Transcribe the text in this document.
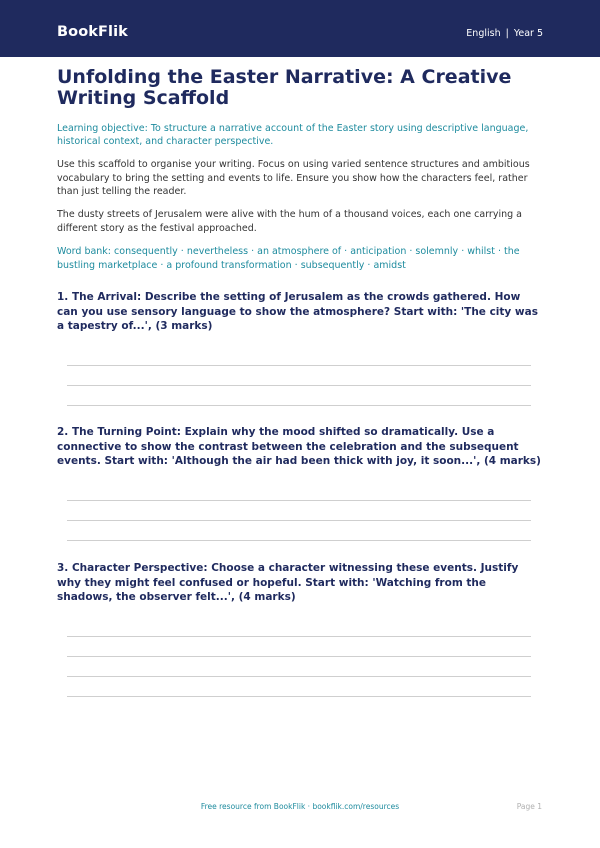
BookFlik	English | Year 5
Unfolding the Easter Narrative: A Creative Writing Scaffold
Learning objective: To structure a narrative account of the Easter story using descriptive language, historical context, and character perspective.
Use this scaffold to organise your writing. Focus on using varied sentence structures and ambitious vocabulary to bring the setting and events to life. Ensure you show how the characters feel, rather than just telling the reader.
The dusty streets of Jerusalem were alive with the hum of a thousand voices, each one carrying a different story as the festival approached.
Word bank: consequently · nevertheless · an atmosphere of · anticipation · solemnly · whilst · the bustling marketplace · a profound transformation · subsequently · amidst
1. The Arrival: Describe the setting of Jerusalem as the crowds gathered. How can you use sensory language to show the atmosphere? Start with: 'The city was a tapestry of...', (3 marks)
2. The Turning Point: Explain why the mood shifted so dramatically. Use a connective to show the contrast between the celebration and the subsequent events. Start with: 'Although the air had been thick with joy, it soon...', (4 marks)
3. Character Perspective: Choose a character witnessing these events. Justify why they might feel confused or hopeful. Start with: 'Watching from the shadows, the observer felt...', (4 marks)
Free resource from BookFlik · bookflik.com/resources	Page 1
